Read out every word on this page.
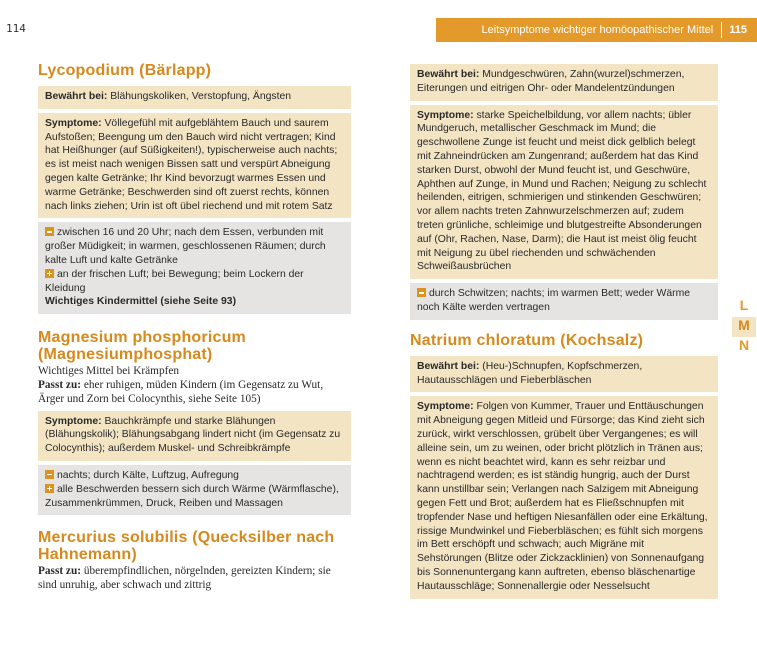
114	Leitsymptome wichtiger homöopathischer Mittel	115
Lycopodium (Bärlapp)
Bewährt bei: Blähungskoliken, Verstopfung, Ängsten
Symptome: Völlegefühl mit aufgeblähtem Bauch und saurem Aufstoßen; Beengung um den Bauch wird nicht vertragen; Kind hat Heißhunger (auf Süßigkeiten!), typischerweise auch nachts; es ist meist nach wenigen Bissen satt und verspürt Abneigung gegen kalte Getränke; Ihr Kind bevorzugt warmes Essen und warme Getränke; Beschwerden sind oft zuerst rechts, können nach links ziehen; Urin ist oft übel riechend und mit rotem Satz
zwischen 16 und 20 Uhr; nach dem Essen, verbunden mit großer Müdigkeit; in warmen, geschlossenen Räumen; durch kalte Luft und kalte Getränke
an der frischen Luft; bei Bewegung; beim Lockern der Kleidung
Wichtiges Kindermittel (siehe Seite 93)
Magnesium phosphoricum (Magnesiumphosphat)
Wichtiges Mittel bei Krämpfen
Passt zu: eher ruhigen, müden Kindern (im Gegensatz zu Wut, Ärger und Zorn bei Colocynthis, siehe Seite 105)
Symptome: Bauchkrämpfe und starke Blähungen (Blähungskolik); Blähungsabgang lindert nicht (im Gegensatz zu Colocynthis); außerdem Muskel- und Schreibkrämpfe
nachts; durch Kälte, Luftzug, Aufregung
alle Beschwerden bessern sich durch Wärme (Wärmflasche), Zusammenkrümmen, Druck, Reiben und Massagen
Mercurius solubilis (Quecksilber nach Hahnemann)
Passt zu: überempfindlichen, nörgelnden, gereizten Kindern; sie sind unruhig, aber schwach und zittrig
Bewährt bei: Mundgeschwüren, Zahn(wurzel)schmerzen, Eiterungen und eitrigen Ohr- oder Mandelentzündungen
Symptome: starke Speichelbildung, vor allem nachts; übler Mundgeruch, metallischer Geschmack im Mund; die geschwollene Zunge ist feucht und meist dick gelblich belegt mit Zahneindrücken am Zungenrand; außerdem hat das Kind starken Durst, obwohl der Mund feucht ist, und Geschwüre, Aphthen auf Zunge, in Mund und Rachen; Neigung zu schlecht heilenden, eitrigen, schmierigen und stinkenden Geschwüren; vor allem nachts treten Zahnwurzelschmerzen auf; zudem treten grünliche, schleimige und blutgestreifte Absonderungen auf (Ohr, Rachen, Nase, Darm); die Haut ist meist ölig feucht mit Neigung zu übel riechenden und schwächenden Schweißausbrüchen
durch Schwitzen; nachts; im warmen Bett; weder Wärme noch Kälte werden vertragen
Natrium chloratum (Kochsalz)
Bewährt bei: (Heu-)Schnupfen, Kopfschmerzen, Hautausschlägen und Fieberbläschen
Symptome: Folgen von Kummer, Trauer und Enttäuschungen mit Abneigung gegen Mitleid und Fürsorge; das Kind zieht sich zurück, wirkt verschlossen, grübelt über Vergangenes; es will alleine sein, um zu weinen, oder bricht plötzlich in Tränen aus; wenn es nicht beachtet wird, kann es sehr reizbar und nachtragend werden; es ist ständig hungrig, auch der Durst kann unstillbar sein; Verlangen nach Salzigem mit Abneigung gegen Fett und Brot; außerdem hat es Fließschnupfen mit tropfender Nase und heftigen Niesanfällen oder eine Erkältung, rissige Mundwinkel und Fieberbläschen; es fühlt sich morgens im Bett erschöpft und schwach; auch Migräne mit Sehstörungen (Blitze oder Zickzacklinien) von Sonnenaufgang bis Sonnenuntergang kann auftreten, ebenso bläschenartige Hautausschläge; Sonnenallergie oder Nesselsucht
L
M
N
